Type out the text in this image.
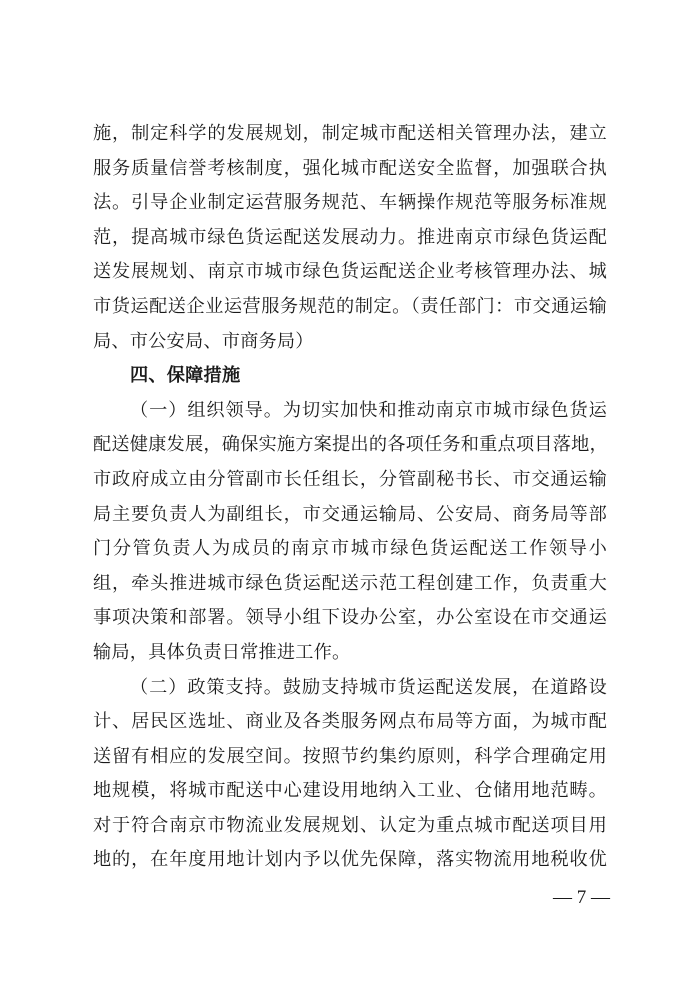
施，制定科学的发展规划，制定城市配送相关管理办法，建立
服务质量信誉考核制度，强化城市配送安全监督，加强联合执
法。引导企业制定运营服务规范、车辆操作规范等服务标准规
范，提高城市绿色货运配送发展动力。推进南京市绿色货运配
送发展规划、南京市城市绿色货运配送企业考核管理办法、城
市货运配送企业运营服务规范的制定。（责任部门：市交通运输
局、市公安局、市商务局）
四、保障措施
（一）组织领导。为切实加快和推动南京市城市绿色货运
配送健康发展，确保实施方案提出的各项任务和重点项目落地，
市政府成立由分管副市长任组长，分管副秘书长、市交通运输
局主要负责人为副组长，市交通运输局、公安局、商务局等部
门分管负责人为成员的南京市城市绿色货运配送工作领导小
组，牵头推进城市绿色货运配送示范工程创建工作，负责重大
事项决策和部署。领导小组下设办公室，办公室设在市交通运
输局，具体负责日常推进工作。
（二）政策支持。鼓励支持城市货运配送发展，在道路设
计、居民区选址、商业及各类服务网点布局等方面，为城市配
送留有相应的发展空间。按照节约集约原则，科学合理确定用
地规模，将城市配送中心建设用地纳入工业、仓储用地范畴。
对于符合南京市物流业发展规划、认定为重点城市配送项目用
地的，在年度用地计划内予以优先保障，落实物流用地税收优
— 7 —
